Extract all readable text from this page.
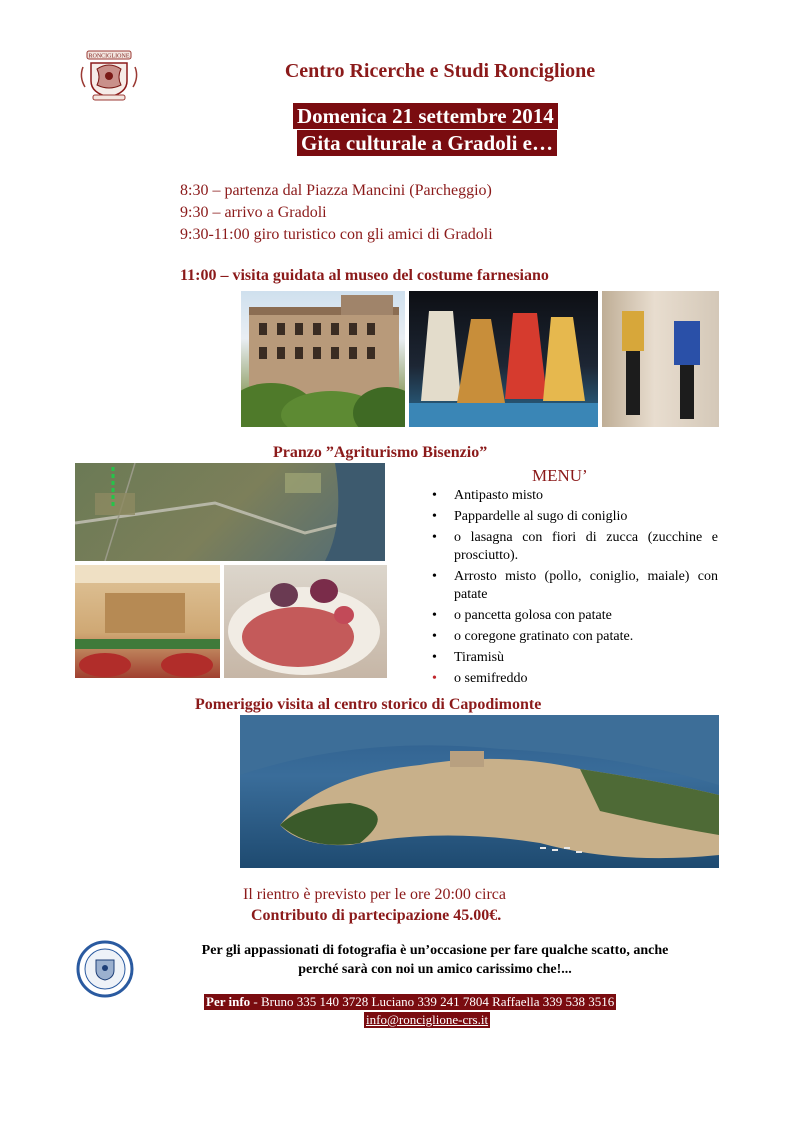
RONCIGLIONE
Centro Ricerche e Studi Ronciglione
Domenica 21 settembre 2014
Gita culturale a Gradoli e…
8:30 – partenza dal Piazza Mancini (Parcheggio)
9:30 – arrivo a Gradoli
9:30-11:00 giro turistico con gli amici di Gradoli
11:00 – visita guidata al museo del costume farnesiano
Pranzo ”Agriturismo Bisenzio”
MENU’
• Antipasto misto
• Pappardelle al sugo di coniglio
• o lasagna con fiori di zucca (zucchine e prosciutto).
• Arrosto misto (pollo, coniglio, maiale) con patate
• o pancetta golosa con patate
• o coregone gratinato con patate.
• Tiramisù
• o semifreddo
Pomeriggio visita al centro storico di Capodimonte
Il rientro è previsto per le ore 20:00 circa
Contributo di partecipazione 45.00€.
Per gli appassionati di fotografia è un’occasione per fare qualche scatto, anche
perché sarà con noi un amico carissimo che!...
Per info - Bruno 335 140 3728 Luciano 339 241 7804 Raffaella 339 538 3516
info@ronciglione-crs.it
